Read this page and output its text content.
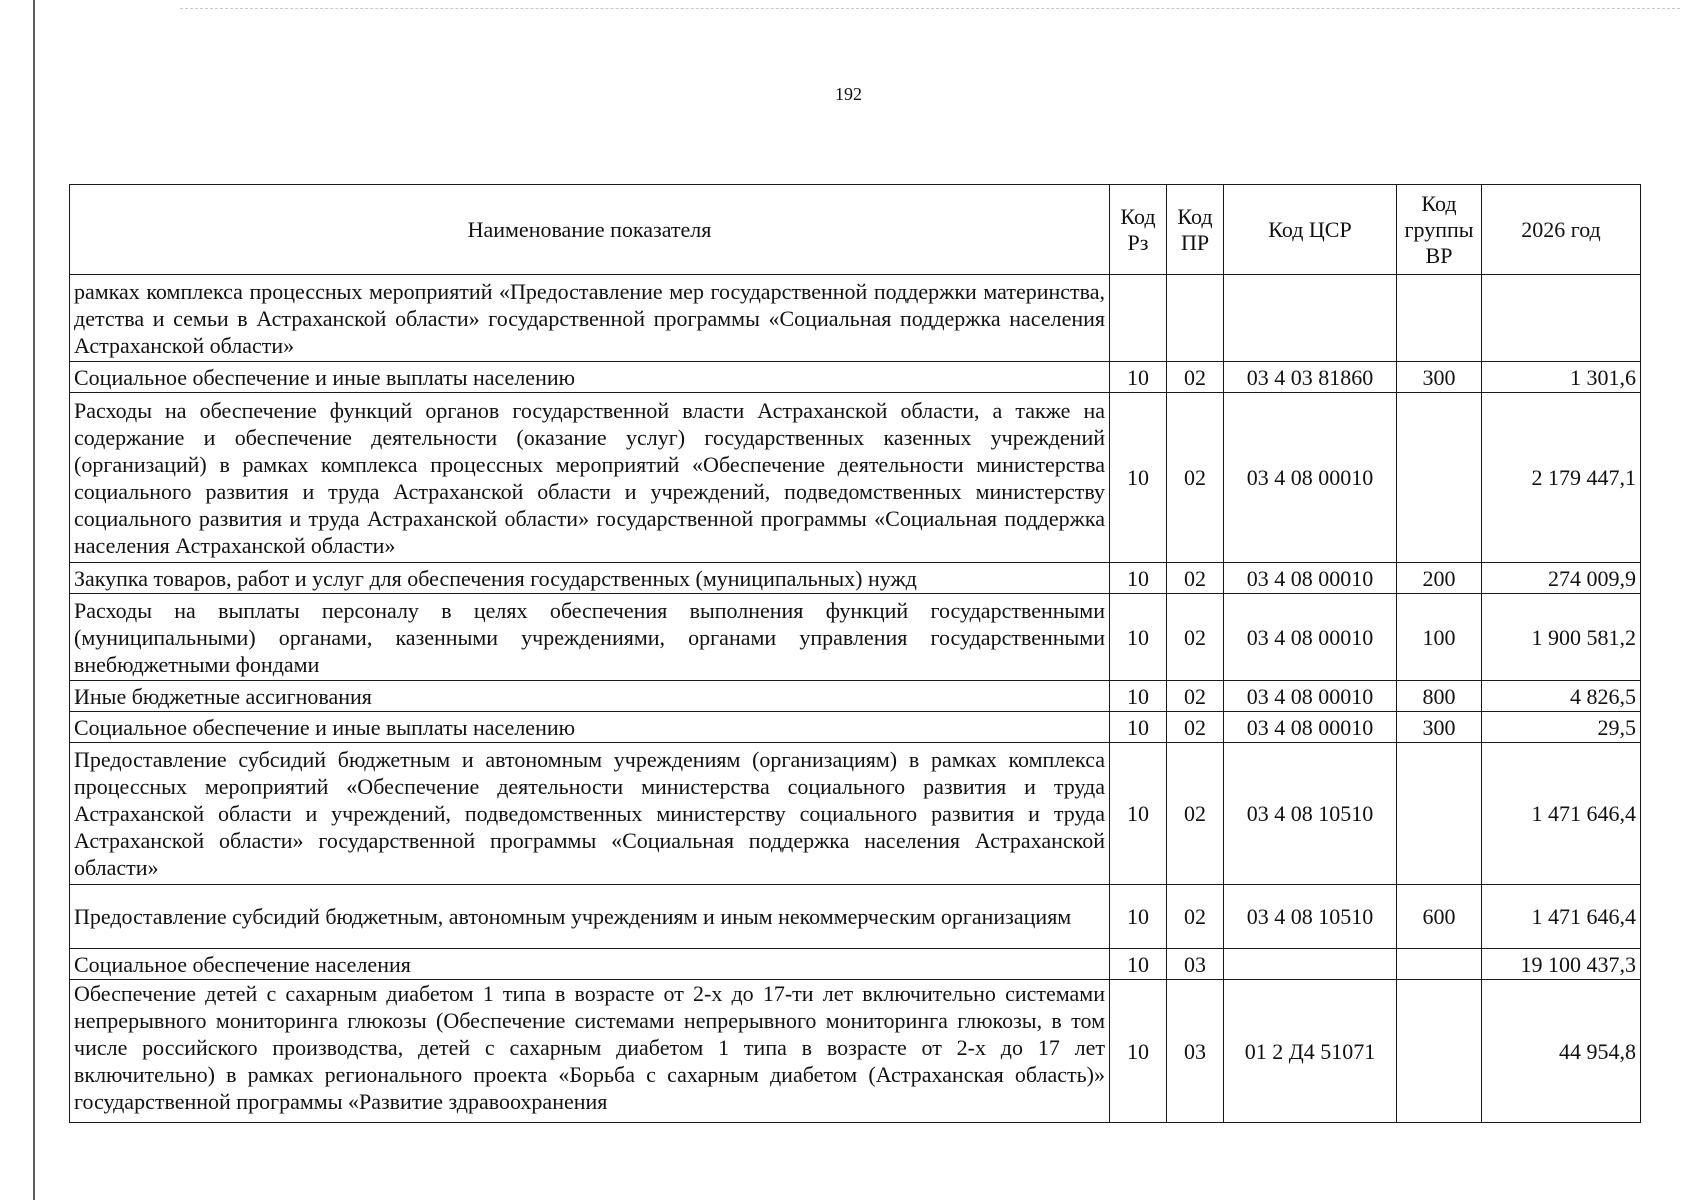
192
Наименование показателя	Код Рз	Код ПР	Код ЦСР	Код группы ВР	2026 год
рамках комплекса процессных мероприятий «Предоставление мер государственной поддержки материнства, детства и семьи в Астраханской области» государственной программы «Социальная поддержка населения Астраханской области»					
Социальное обеспечение и иные выплаты населению	10	02	03 4 03 81860	300	1 301,6
Расходы на обеспечение функций органов государственной власти Астраханской области, а также на содержание и обеспечение деятельности (оказание услуг) государственных казенных учреждений (организаций) в рамках комплекса процессных мероприятий «Обеспечение деятельности министерства социального развития и труда Астраханской области и учреждений, подведомственных министерству социального развития и труда Астраханской области» государственной программы «Социальная поддержка населения Астраханской области»	10	02	03 4 08 00010		2 179 447,1
Закупка товаров, работ и услуг для обеспечения государственных (муниципальных) нужд	10	02	03 4 08 00010	200	274 009,9
Расходы на выплаты персоналу в целях обеспечения выполнения функций государственными (муниципальными) органами, казенными учреждениями, органами управления государственными внебюджетными фондами	10	02	03 4 08 00010	100	1 900 581,2
Иные бюджетные ассигнования	10	02	03 4 08 00010	800	4 826,5
Социальное обеспечение и иные выплаты населению	10	02	03 4 08 00010	300	29,5
Предоставление субсидий бюджетным и автономным учреждениям (организациям) в рамках комплекса процессных мероприятий «Обеспечение деятельности министерства социального развития и труда Астраханской области и учреждений, подведомственных министерству социального развития и труда Астраханской области» государственной программы «Социальная поддержка населения Астраханской области»	10	02	03 4 08 10510		1 471 646,4
Предоставление субсидий бюджетным, автономным учреждениям и иным некоммерческим организациям	10	02	03 4 08 10510	600	1 471 646,4
Социальное обеспечение населения	10	03			19 100 437,3

Обеспечение детей с сахарным диабетом 1 типа в возрасте от 2-х до 17-ти лет включительно системами непрерывного мониторинга глюкозы (Обеспечение системами непрерывного мониторинга глюкозы, в том числе российского производства, детей с сахарным диабетом 1 типа в возрасте от 2-х до 17 лет включительно) в рамках регионального проекта «Борьба с сахарным диабетом (Астраханская область)» государственной программы «Развитие здравоохранения	10	03	01 2 Д4 51071		44 954,8
